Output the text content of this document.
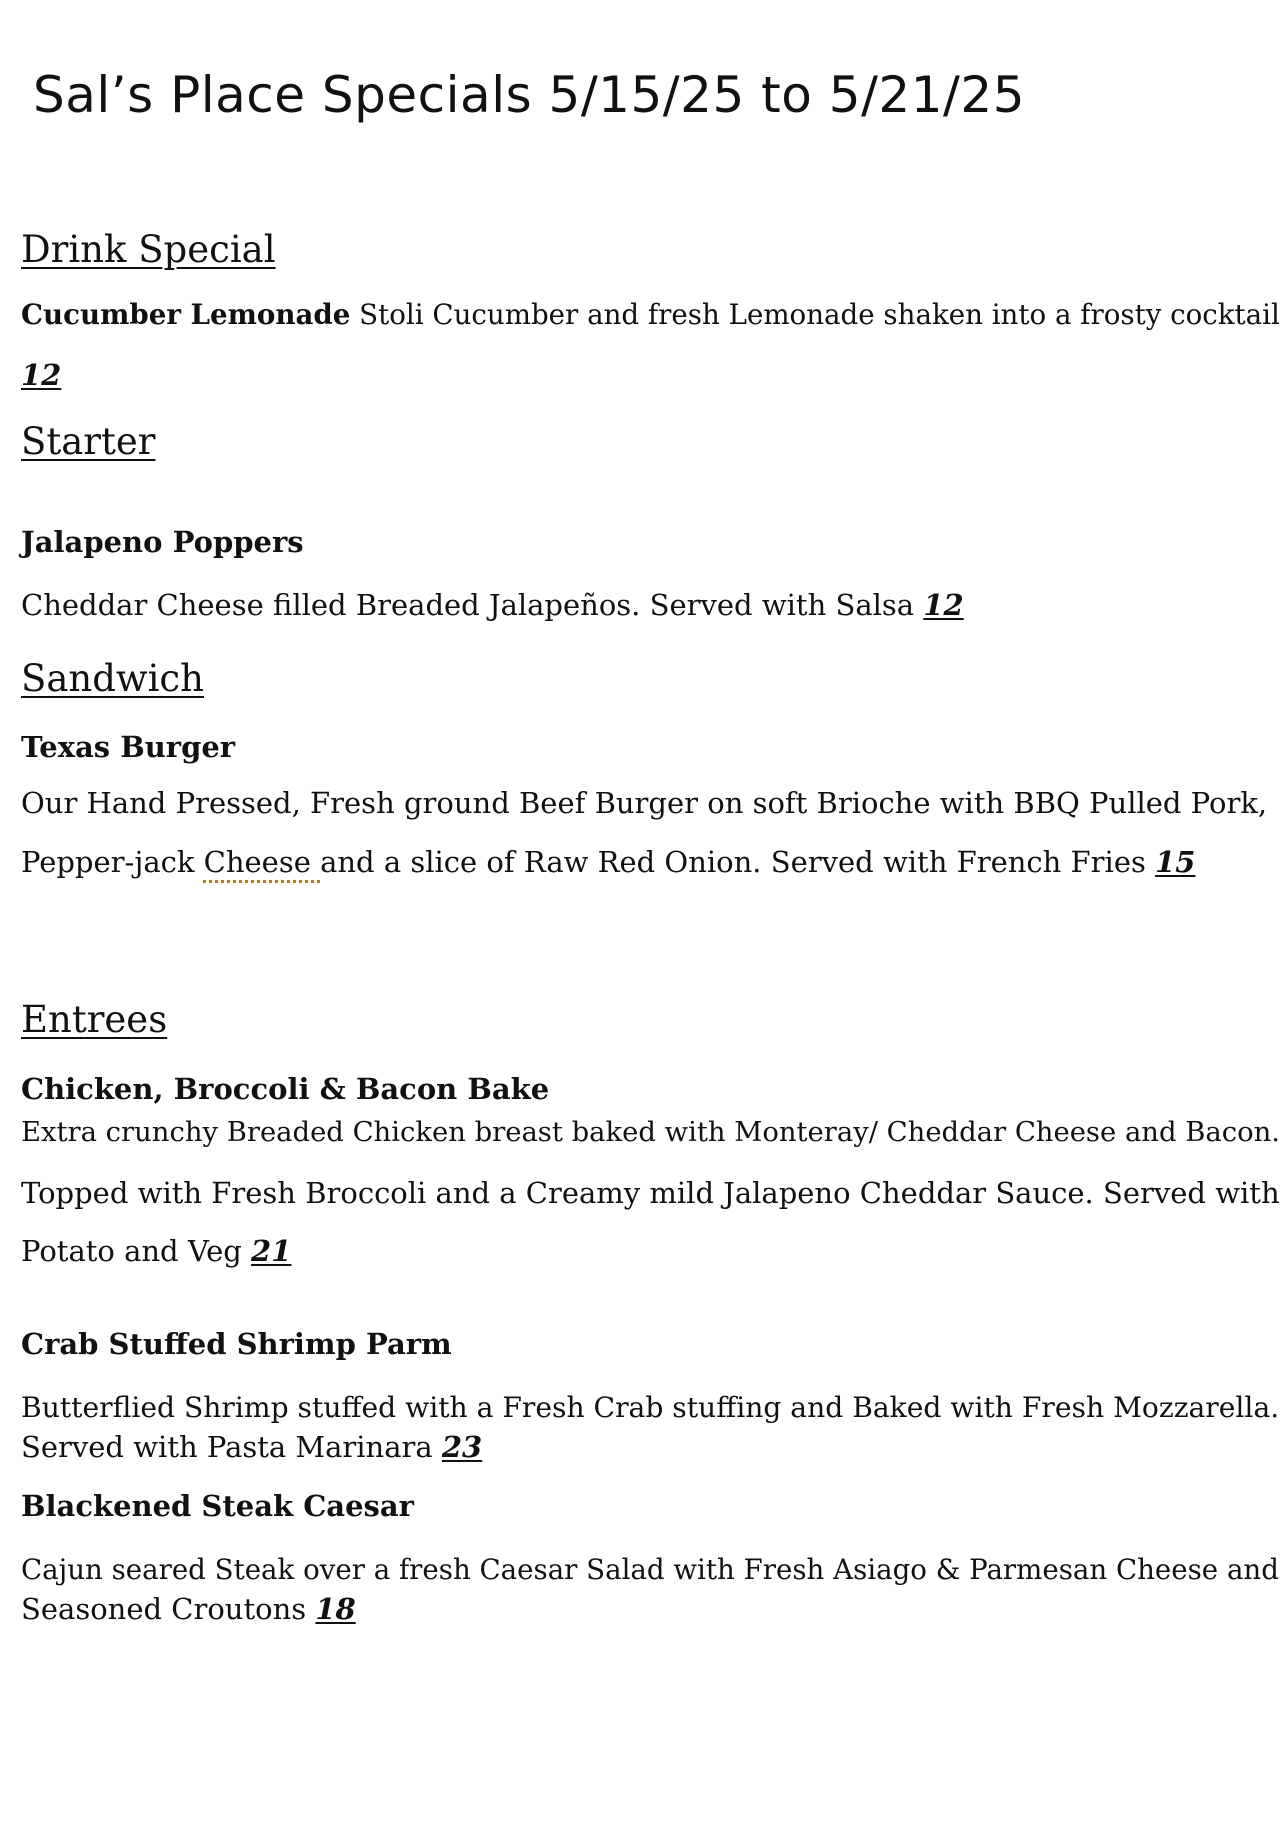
Sal’s Place Specials 5/15/25 to 5/21/25
Drink Special
Cucumber Lemonade Stoli Cucumber and fresh Lemonade shaken into a frosty cocktail
12
Starter
Jalapeno Poppers
Cheddar Cheese filled Breaded Jalapeños. Served with Salsa 12
Sandwich
Texas Burger
Our Hand Pressed, Fresh ground Beef Burger on soft Brioche with BBQ Pulled Pork,
Pepper-jack Cheese and a slice of Raw Red Onion. Served with French Fries 15
Entrees
Chicken, Broccoli & Bacon Bake
Extra crunchy Breaded Chicken breast baked with Monteray/ Cheddar Cheese and Bacon.
Topped with Fresh Broccoli and a Creamy mild Jalapeno Cheddar Sauce. Served with
Potato and Veg 21
Crab Stuffed Shrimp Parm
Butterflied Shrimp stuffed with a Fresh Crab stuffing and Baked with Fresh Mozzarella.
Served with Pasta Marinara 23
Blackened Steak Caesar
Cajun seared Steak over a fresh Caesar Salad with Fresh Asiago & Parmesan Cheese and
Seasoned Croutons 18
